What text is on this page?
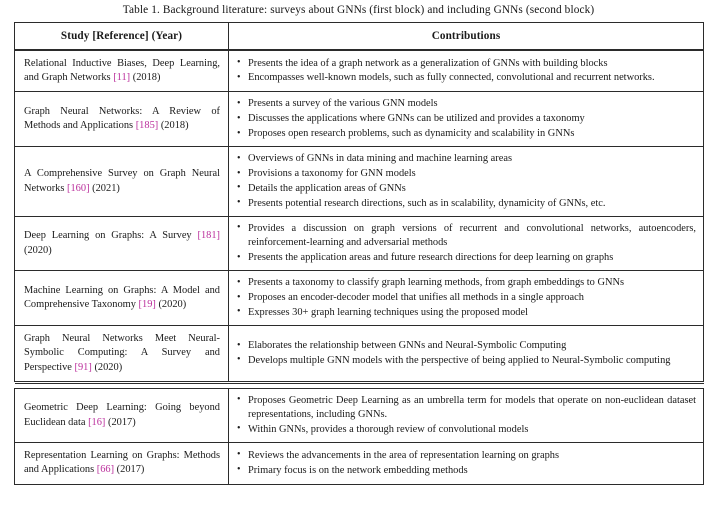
Table 1. Background literature: surveys about GNNs (first block) and including GNNs (second block)
Study [Reference] (Year)	Contributions
Relational Inductive Biases, Deep Learning, and Graph Networks [11] (2018)	
• Presents the idea of a graph network as a generalization of GNNs with building blocks
• Encompasses well-known models, such as fully connected, convolutional and recurrent networks.

Graph Neural Networks: A Review of Methods and Applications [185] (2018)	
• Presents a survey of the various GNN models
• Discusses the applications where GNNs can be utilized and provides a taxonomy
• Proposes open research problems, such as dynamicity and scalability in GNNs

A Comprehensive Survey on Graph Neural Networks [160] (2021)	
• Overviews of GNNs in data mining and machine learning areas
• Provisions a taxonomy for GNN models
• Details the application areas of GNNs
• Presents potential research directions, such as in scalability, dynamicity of GNNs, etc.

Deep Learning on Graphs: A Survey [181] (2020)	
• Provides a discussion on graph versions of recurrent and convolutional networks, autoencoders, reinforcement-learning and adversarial methods
• Presents the application areas and future research directions for deep learning on graphs

Machine Learning on Graphs: A Model and Comprehensive Taxonomy [19] (2020)	
• Presents a taxonomy to classify graph learning methods, from graph embeddings to GNNs
• Proposes an encoder-decoder model that unifies all methods in a single approach
• Expresses 30+ graph learning techniques using the proposed model

Graph Neural Networks Meet Neural-Symbolic Computing: A Survey and Perspective [91] (2020)	
• Elaborates the relationship between GNNs and Neural-Symbolic Computing
• Develops multiple GNN models with the perspective of being applied to Neural-Symbolic computing

Geometric Deep Learning: Going beyond Euclidean data [16] (2017)	
• Proposes Geometric Deep Learning as an umbrella term for models that operate on non-euclidean dataset representations, including GNNs.
• Within GNNs, provides a thorough review of convolutional models

Representation Learning on Graphs: Methods and Applications [66] (2017)	
• Reviews the advancements in the area of representation learning on graphs
• Primary focus is on the network embedding methods
